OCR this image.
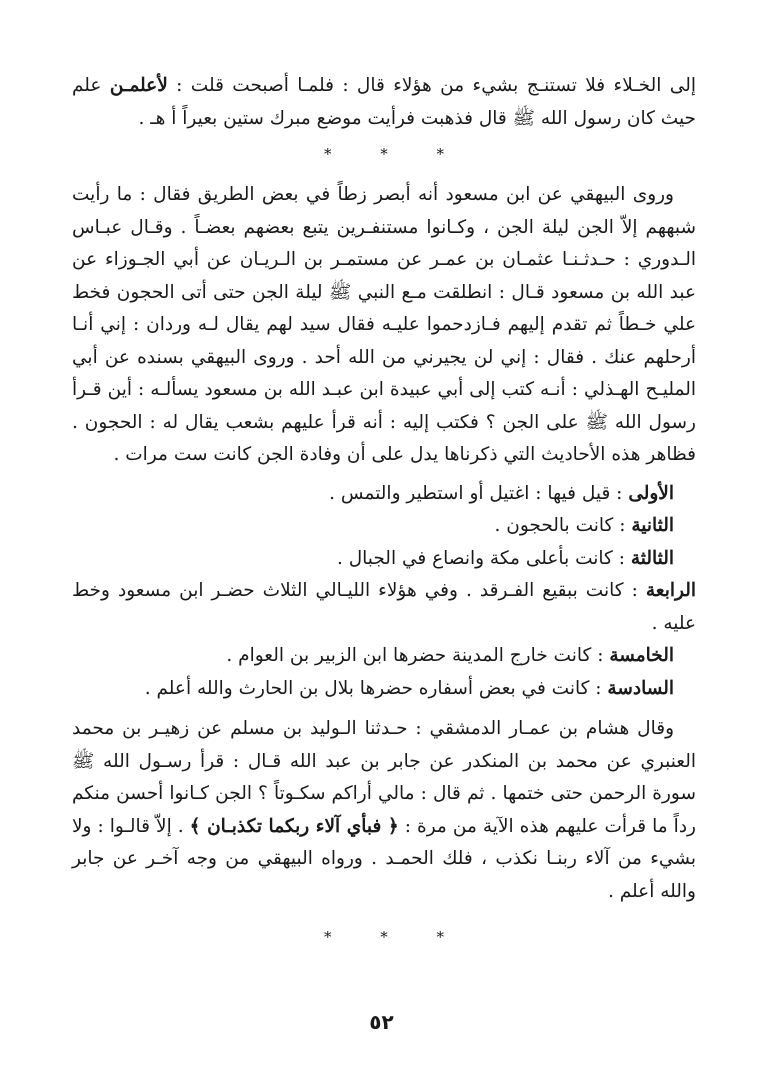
إلى الخـلاء فلا تستنـج بشيء من هؤلاء قال : فلمـا أصبحت قلت : لأعلمـن علم حيث كان رسول الله ﷺ قال فذهبت فرأيت موضع مبرك ستين بعيراً أ هـ .

* * *

وروى البيهقي عن ابن مسعود أنه أبصر زطاً في بعض الطريق فقال : ما رأيت شبههم إلاّ الجن ليلة الجن ، وكـانوا مستنفـرين يتبع بعضهم بعضـاً . وقـال عبـاس الـدوري : حـدثـنـا عثمـان بن عمـر عن مستمـر بن الـريـان عن أبي الجـوزاء عن عبد الله بن مسعود قـال : انطلقت مـع النبي ﷺ ليلة الجن حتى أتى الحجون فخط علي خـطاً ثم تقدم إليهم فـازدحموا عليـه فقال سيد لهم يقال لـه وردان : إني أنـا أرحلهم عنك . فقال : إني لن يجيرني من الله أحد . وروى البيهقي بسنده عن أبي المليـح الهـذلي : أنـه كتب إلى أبي عبيدة ابن عبـد الله بن مسعود يسألـه : أين قـرأ رسول الله ﷺ على الجن ؟ فكتب إليه : أنه قرأ عليهم بشعب يقال له : الحجون . فظاهر هذه الأحاديث التي ذكرناها يدل على أن وفادة الجن كانت ست مرات .

الأولى : قيل فيها : اغتيل أو استطير والتمس .

الثانية : كانت بالحجون .

الثالثة : كانت بأعلى مكة وانصاع في الجبال .

الرابعة : كانت ببقيع الفـرقد . وفي هؤلاء الليـالي الثلاث حضـر ابن مسعود وخط عليه .

الخامسة : كانت خارج المدينة حضرها ابن الزبير بن العوام .

السادسة : كانت في بعض أسفاره حضرها بلال بن الحارث والله أعلم .

وقال هشام بن عمـار الدمشقي : حـدثنا الـوليد بن مسلم عن زهيـر بن محمد العنبري عن محمد بن المنكدر عن جابر بن عبد الله قـال : قرأ رسـول الله ﷺ سورة الرحمن حتى ختمها . ثم قال : مالي أراكم سكـوتاً ؟ الجن كـانوا أحسن منكم رداً ما قرأت عليهم هذه الآية من مرة : ﴿ فبأي آلاء ربكما تكذبـان ﴾ . إلاّ قالـوا : ولا بشيء من آلاء ربنـا نكذب ، فلك الحمـد . ورواه البيهقي من وجه آخـر عن جابر والله أعلم .

* * *
٥٢
